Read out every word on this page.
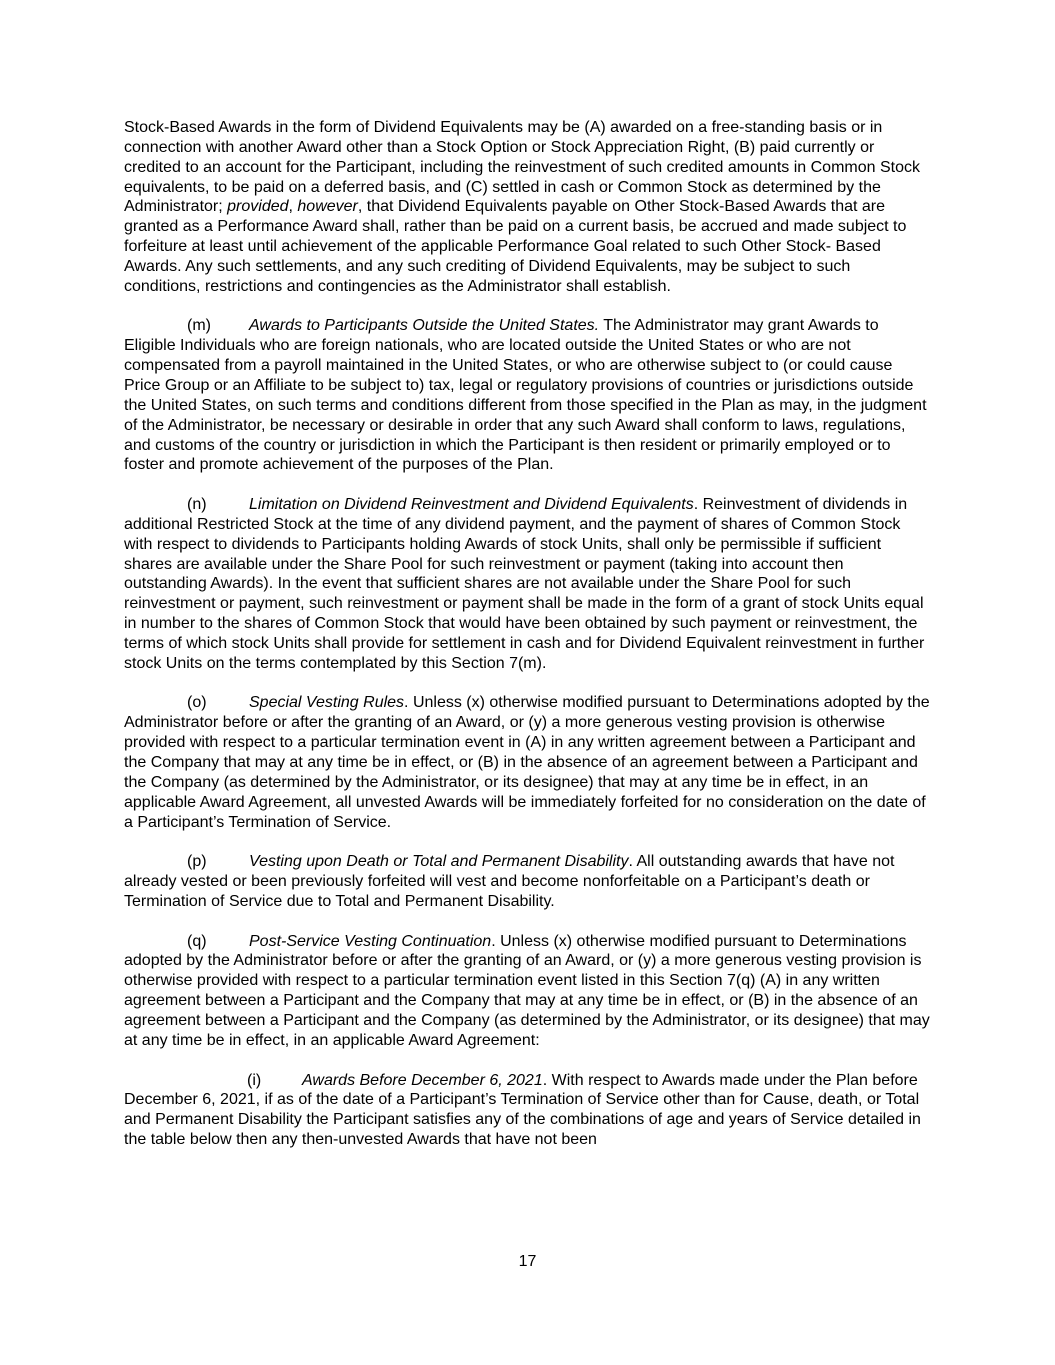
Stock-Based Awards in the form of Dividend Equivalents may be (A) awarded on a free-standing basis or in connection with another Award other than a Stock Option or Stock Appreciation Right, (B) paid currently or credited to an account for the Participant, including the reinvestment of such credited amounts in Common Stock equivalents, to be paid on a deferred basis, and (C) settled in cash or Common Stock as determined by the Administrator; provided, however, that Dividend Equivalents payable on Other Stock-Based Awards that are granted as a Performance Award shall, rather than be paid on a current basis, be accrued and made subject to forfeiture at least until achievement of the applicable Performance Goal related to such Other Stock- Based Awards. Any such settlements, and any such crediting of Dividend Equivalents, may be subject to such conditions, restrictions and contingencies as the Administrator shall establish.

(m) Awards to Participants Outside the United States. The Administrator may grant Awards to Eligible Individuals who are foreign nationals, who are located outside the United States or who are not compensated from a payroll maintained in the United States, or who are otherwise subject to (or could cause Price Group or an Affiliate to be subject to) tax, legal or regulatory provisions of countries or jurisdictions outside the United States, on such terms and conditions different from those specified in the Plan as may, in the judgment of the Administrator, be necessary or desirable in order that any such Award shall conform to laws, regulations, and customs of the country or jurisdiction in which the Participant is then resident or primarily employed or to foster and promote achievement of the purposes of the Plan.

(n)	Limitation on Dividend Reinvestment and Dividend Equivalents. Reinvestment of dividends in additional Restricted Stock at the time of any dividend payment, and the payment of shares of Common Stock with respect to dividends to Participants holding Awards of stock Units, shall only be permissible if sufficient shares are available under the Share Pool for such reinvestment or payment (taking into account then outstanding Awards). In the event that sufficient shares are not available under the Share Pool for such reinvestment or payment, such reinvestment or payment shall be made in the form of a grant of stock Units equal in number to the shares of Common Stock that would have been obtained by such payment or reinvestment, the terms of which stock Units shall provide for settlement in cash and for Dividend Equivalent reinvestment in further stock Units on the terms contemplated by this Section 7(m).

(o)	Special Vesting Rules. Unless (x) otherwise modified pursuant to Determinations adopted by the Administrator before or after the granting of an Award, or (y) a more generous vesting provision is otherwise provided with respect to a particular termination event in (A) in any written agreement between a Participant and the Company that may at any time be in effect, or (B) in the absence of an agreement between a Participant and the Company (as determined by the Administrator, or its designee) that may at any time be in effect, in an applicable Award Agreement, all unvested Awards will be immediately forfeited for no consideration on the date of a Participant’s Termination of Service.

(p)	Vesting upon Death or Total and Permanent Disability. All outstanding awards that have not already vested or been previously forfeited will vest and become nonforfeitable on a Participant’s death or Termination of Service due to Total and Permanent Disability.

(q)	Post-Service Vesting Continuation. Unless (x) otherwise modified pursuant to Determinations adopted by the Administrator before or after the granting of an Award, or (y) a more generous vesting provision is otherwise provided with respect to a particular termination event listed in this Section 7(q) (A) in any written agreement between a Participant and the Company that may at any time be in effect, or (B) in the absence of an agreement between a Participant and the Company (as determined by the Administrator, or its designee) that may at any time be in effect, in an applicable Award Agreement:

(i)	Awards Before December 6, 2021. With respect to Awards made under the Plan before December 6, 2021, if as of the date of a Participant’s Termination of Service other than for Cause, death, or Total and Permanent Disability the Participant satisfies any of the combinations of age and years of Service detailed in the table below then any then-unvested Awards that have not been

17
